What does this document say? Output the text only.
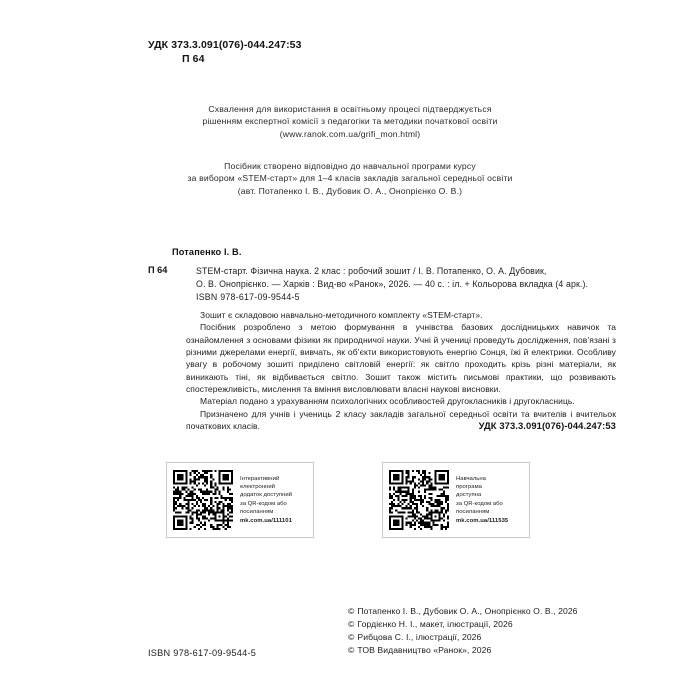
УДК 373.3.091(076)-044.247:53
П 64
Схвалення для використання в освітньому процесі підтверджується
рішенням експертної комісії з педагогіки та методики початкової освіти
(www.ranok.com.ua/grifi_mon.html)
Посібник створено відповідно до навчальної програми курсу
за вибором «STEM-старт» для 1–4 класів закладів загальної середньої освіти
(авт. Потапенко І. В., Дубовик О. А., Онопрієнко О. В.)
Потапенко І. В.
П 64	STEM-старт. Фізична наука. 2 клас : робочий зошит / І. В. Потапенко, О. А. Дубовик,
О. В. Онопрієнко. — Харків : Вид-во «Ранок», 2026. — 40 с. : іл. + Кольорова вкладка (4 арк.).
ISBN 978-617-09-9544-5

Зошит є складовою навчально-методичного комплекту «STEM-старт».

Посібник розроблено з метою формування в учнівства базових дослідницьких навичок та ознайомлення з основами фізики як природничої науки. Учні й учениці проведуть дослідження, пов’язані з різними джерелами енергії, вивчать, як об’єкти використовують енергію Сонця, їжі й електрики. Особливу увагу в робочому зошиті приділено світловій енергії: як світло проходить крізь різні матеріали, як виникають тіні, як відбивається світло. Зошит також містить письмові практики, що розвивають спостережливість, мислення та вміння висловлювати власні наукові висновки.

Матеріал подано з урахуванням психологічних особливостей другокласників і другокласниць.

Призначено для учнів і учениць 2 класу закладів загальної середньої освіти та вчителів і вчительок початкових класів.	УДК 373.3.091(076)-044.247:53
Інтерактивний
електронний
додаток доступний
за QR-кодом або
посиланням
mk.com.ua/111101
Навчальна
програма
доступна
за QR-кодом або
посиланням
mk.com.ua/111535
© Потапенко І. В., Дубовик О. А., Онопрієнко О. В., 2026
© Гордієнко Н. І., макет, ілюстрації, 2026
© Рибцова С. І., ілюстрації, 2026
© ТОВ Видавництво «Ранок», 2026
ISBN 978-617-09-9544-5
